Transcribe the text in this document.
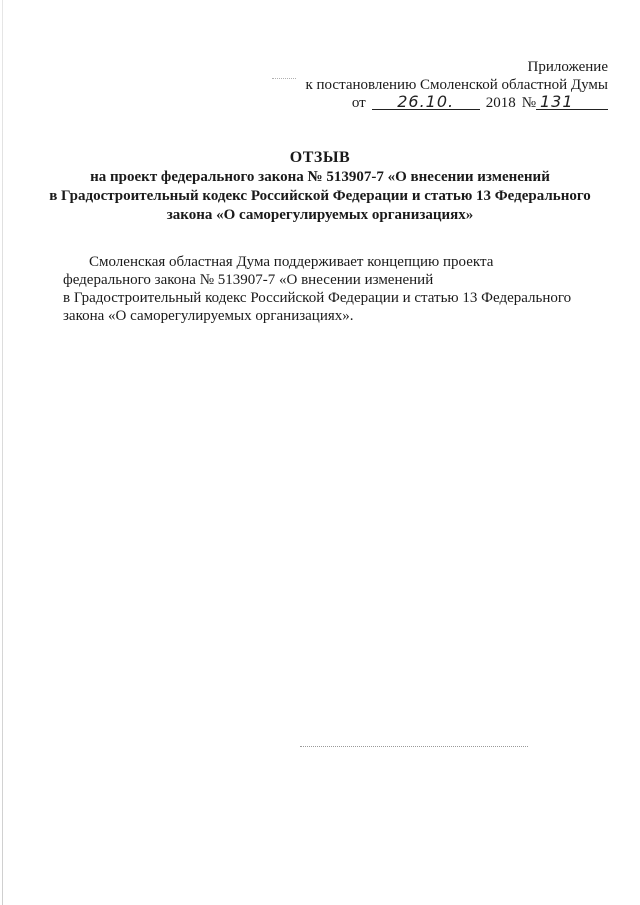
Приложение
к постановлению Смоленской областной Думы
от 26.10. 2018 № 131
ОТЗЫВ
на проект федерального закона № 513907-7 «О внесении изменений
в Градостроительный кодекс Российской Федерации и статью 13 Федерального
закона «О саморегулируемых организациях»
Смоленская областная Дума поддерживает концепцию проекта
федерального закона № 513907-7 «О внесении изменений
в Градостроительный кодекс Российской Федерации и статью 13 Федерального
закона «О саморегулируемых организациях».
